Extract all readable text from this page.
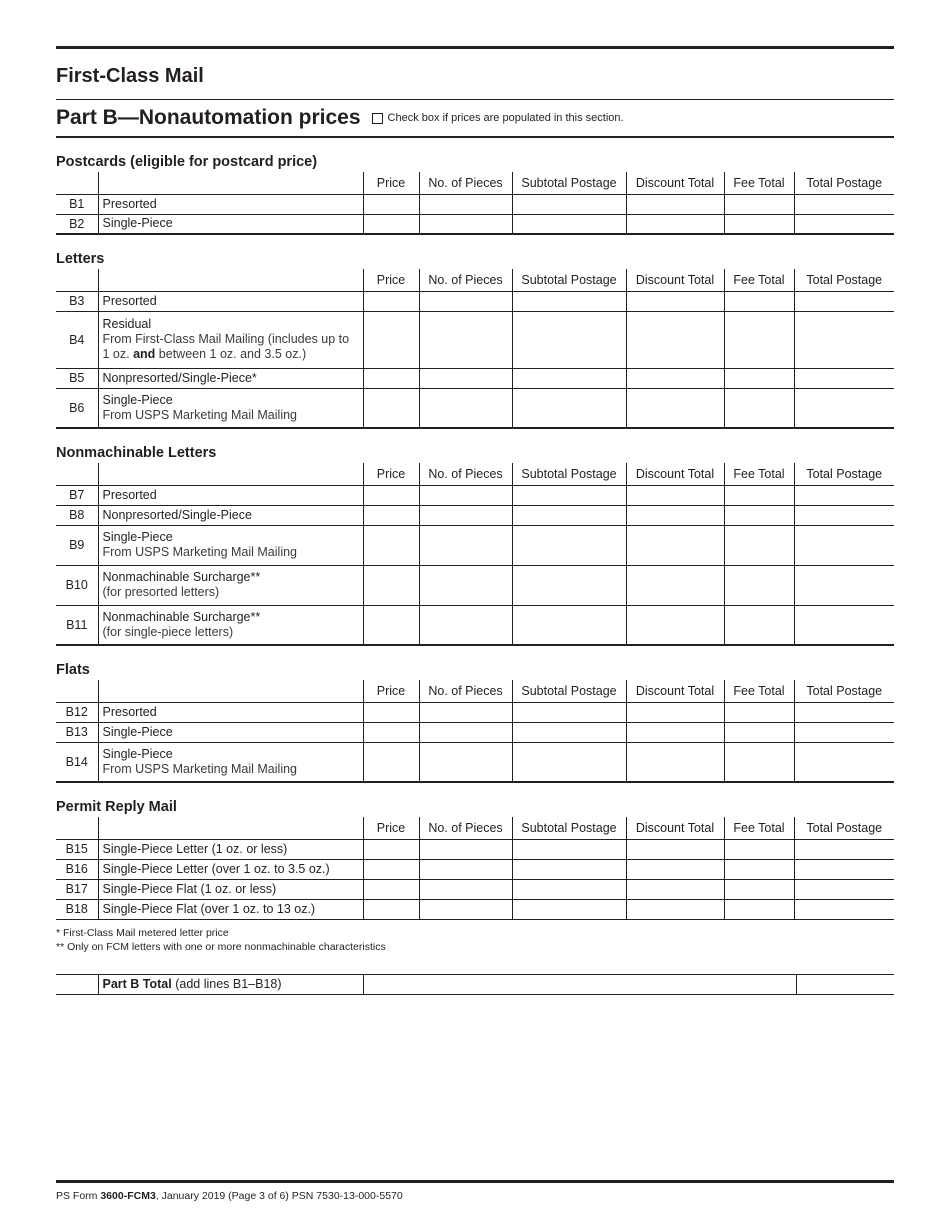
First-Class Mail
Part B—Nonautomation prices Check box if prices are populated in this section.
Postcards (eligible for postcard price)
		Price	No. of Pieces	Subtotal Postage	Discount Total	Fee Total	Total Postage
B1	Presorted						

B2	Single-Piece						

Letters
		Price	No. of Pieces	Subtotal Postage	Discount Total	Fee Total	Total Postage
B3	Presorted						

B4	Residual
From First-Class Mail Mailing (includes up to 1 oz. and between 1 oz. and 3.5 oz.)						

B5	Nonpresorted/Single-Piece*						

B6	Single-Piece
From USPS Marketing Mail Mailing						

Nonmachinable Letters
		Price	No. of Pieces	Subtotal Postage	Discount Total	Fee Total	Total Postage
B7	Presorted						

B8	Nonpresorted/Single-Piece						

B9	Single-Piece
From USPS Marketing Mail Mailing						

B10	Nonmachinable Surcharge**
(for presorted letters)						

B11	Nonmachinable Surcharge**
(for single-piece letters)						

Flats
		Price	No. of Pieces	Subtotal Postage	Discount Total	Fee Total	Total Postage
B12	Presorted						

B13	Single-Piece						

B14	Single-Piece
From USPS Marketing Mail Mailing						

Permit Reply Mail
		Price	No. of Pieces	Subtotal Postage	Discount Total	Fee Total	Total Postage
B15	Single-Piece Letter (1 oz. or less)						

B16	Single-Piece Letter (over 1 oz. to 3.5 oz.)						

B17	Single-Piece Flat (1 oz. or less)						

B18	Single-Piece Flat (over 1 oz. to 13 oz.)						

* First-Class Mail metered letter price
** Only on FCM letters with one or more nonmachinable characteristics
	Part B Total (add lines B1–B18)		
PS Form 3600-FCM3, January 2019 (Page 3 of 6) PSN 7530-13-000-5570
